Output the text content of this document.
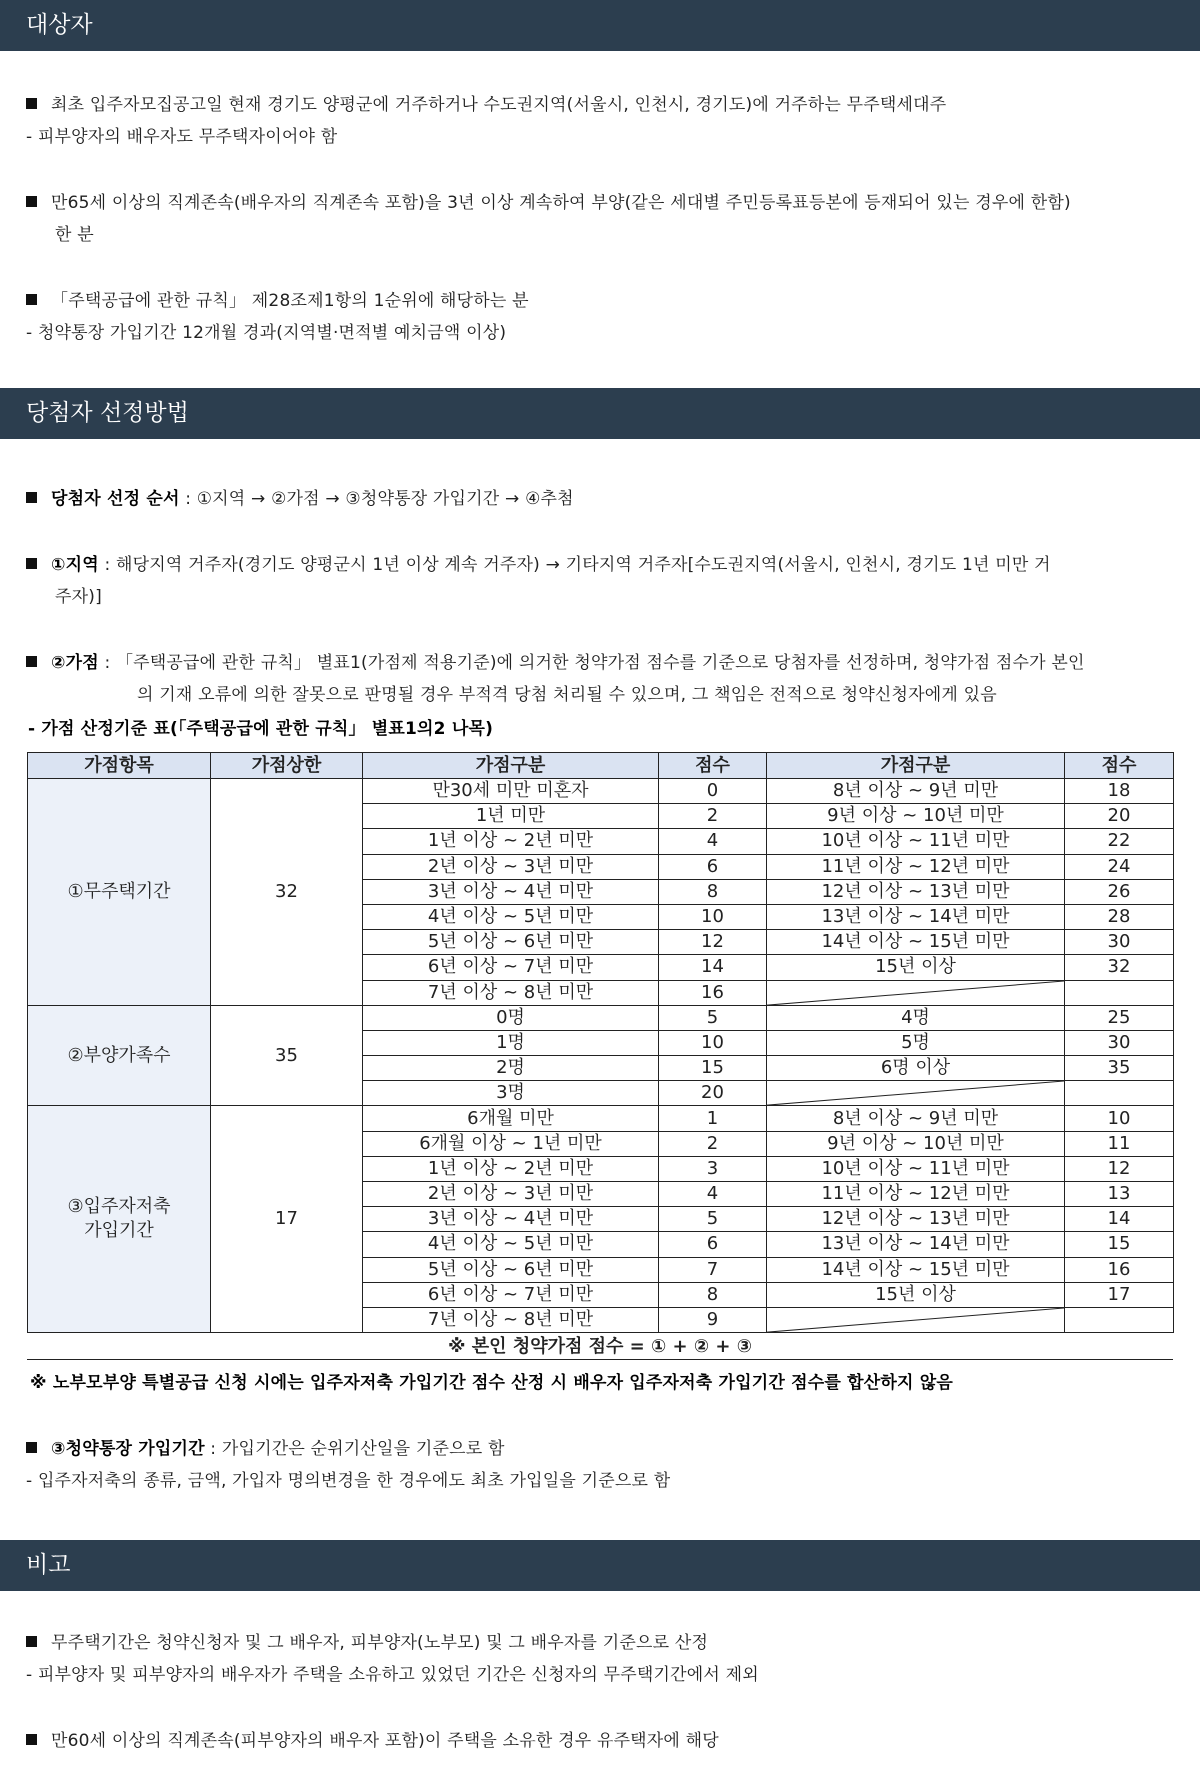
대상자
최초 입주자모집공고일 현재 경기도 양평군에 거주하거나 수도권지역(서울시, 인천시, 경기도)에 거주하는 무주택세대주
- 피부양자의 배우자도 무주택자이어야 함
만65세 이상의 직계존속(배우자의 직계존속 포함)을 3년 이상 계속하여 부양(같은 세대별 주민등록표등본에 등재되어 있는 경우에 한함)
한 분
「주택공급에 관한 규칙」 제28조제1항의 1순위에 해당하는 분
- 청약통장 가입기간 12개월 경과(지역별·면적별 예치금액 이상)
당첨자 선정방법
당첨자 선정 순서 : ①지역 → ②가점 → ③청약통장 가입기간 → ④추첨
①지역 : 해당지역 거주자(경기도 양평군시 1년 이상 계속 거주자) → 기타지역 거주자[수도권지역(서울시, 인천시, 경기도 1년 미만 거
주자)]
②가점 : 「주택공급에 관한 규칙」 별표1(가점제 적용기준)에 의거한 청약가점 점수를 기준으로 당첨자를 선정하며, 청약가점 점수가 본인
의 기재 오류에 의한 잘못으로 판명될 경우 부적격 당첨 처리될 수 있으며, 그 책임은 전적으로 청약신청자에게 있음
- 가점 산정기준 표(「주택공급에 관한 규칙」 별표1의2 나목)
가점항목	가점상한	가점구분	점수	가점구분	점수
①무주택기간	32	만30세 미만 미혼자	0	8년 이상 ~ 9년 미만	18
		1년 미만	2	9년 이상 ~ 10년 미만	20
		1년 이상 ~ 2년 미만	4	10년 이상 ~ 11년 미만	22
		2년 이상 ~ 3년 미만	6	11년 이상 ~ 12년 미만	24
		3년 이상 ~ 4년 미만	8	12년 이상 ~ 13년 미만	26
		4년 이상 ~ 5년 미만	10	13년 이상 ~ 14년 미만	28
		5년 이상 ~ 6년 미만	12	14년 이상 ~ 15년 미만	30
		6년 이상 ~ 7년 미만	14	15년 이상	32
		7년 이상 ~ 8년 미만	16	

②부양가족수	35	0명	5	4명	25
		1명	10	5명	30
		2명	15	6명 이상	35
		3명	20	

③입주자저축
가입기간	17	6개월 미만	1	8년 이상 ~ 9년 미만	10
		6개월 이상 ~ 1년 미만	2	9년 이상 ~ 10년 미만	11
		1년 이상 ~ 2년 미만	3	10년 이상 ~ 11년 미만	12
		2년 이상 ~ 3년 미만	4	11년 이상 ~ 12년 미만	13
		3년 이상 ~ 4년 미만	5	12년 이상 ~ 13년 미만	14
		4년 이상 ~ 5년 미만	6	13년 이상 ~ 14년 미만	15
		5년 이상 ~ 6년 미만	7	14년 이상 ~ 15년 미만	16
		6년 이상 ~ 7년 미만	8	15년 이상	17
		7년 이상 ~ 8년 미만	9	

※ 본인 청약가점 점수 = ① + ② + ③
※ 노부모부양 특별공급 신청 시에는 입주자저축 가입기간 점수 산정 시 배우자 입주자저축 가입기간 점수를 합산하지 않음
③청약통장 가입기간 : 가입기간은 순위기산일을 기준으로 함
- 입주자저축의 종류, 금액, 가입자 명의변경을 한 경우에도 최초 가입일을 기준으로 함
비고
무주택기간은 청약신청자 및 그 배우자, 피부양자(노부모) 및 그 배우자를 기준으로 산정
- 피부양자 및 피부양자의 배우자가 주택을 소유하고 있었던 기간은 신청자의 무주택기간에서 제외
만60세 이상의 직계존속(피부양자의 배우자 포함)이 주택을 소유한 경우 유주택자에 해당
